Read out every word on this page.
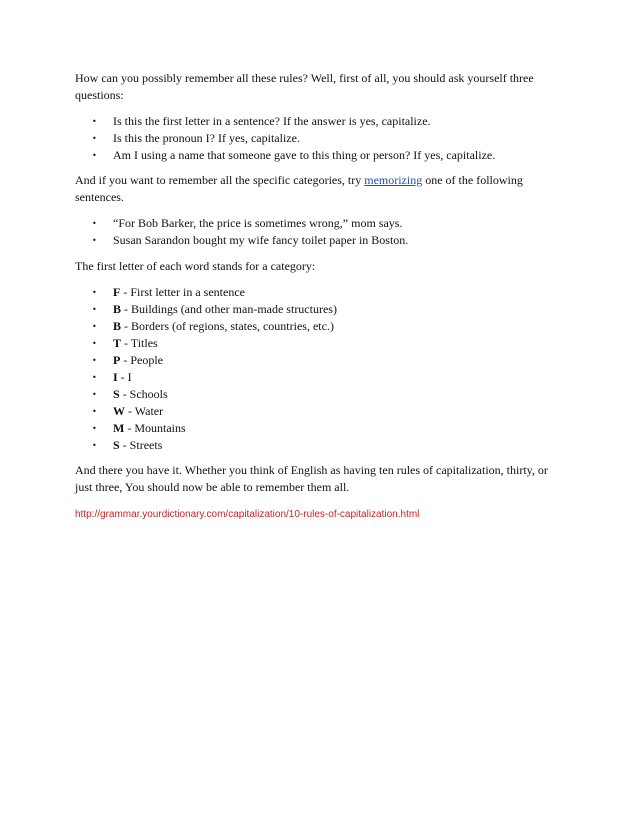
How can you possibly remember all these rules? Well, first of all, you should ask yourself three questions:

• Is this the first letter in a sentence? If the answer is yes, capitalize.
• Is this the pronoun I? If yes, capitalize.
• Am I using a name that someone gave to this thing or person? If yes, capitalize.

And if you want to remember all the specific categories, try memorizing one of the following sentences.

• “For Bob Barker, the price is sometimes wrong,” mom says.
• Susan Sarandon bought my wife fancy toilet paper in Boston.

The first letter of each word stands for a category:

• F - First letter in a sentence
• B - Buildings (and other man-made structures)
• B - Borders (of regions, states, countries, etc.)
• T - Titles
• P - People
• I - I
• S - Schools
• W - Water
• M - Mountains
• S - Streets

And there you have it. Whether you think of English as having ten rules of capitalization, thirty, or just three, You should now be able to remember them all.

http://grammar.yourdictionary.com/capitalization/10-rules-of-capitalization.html
